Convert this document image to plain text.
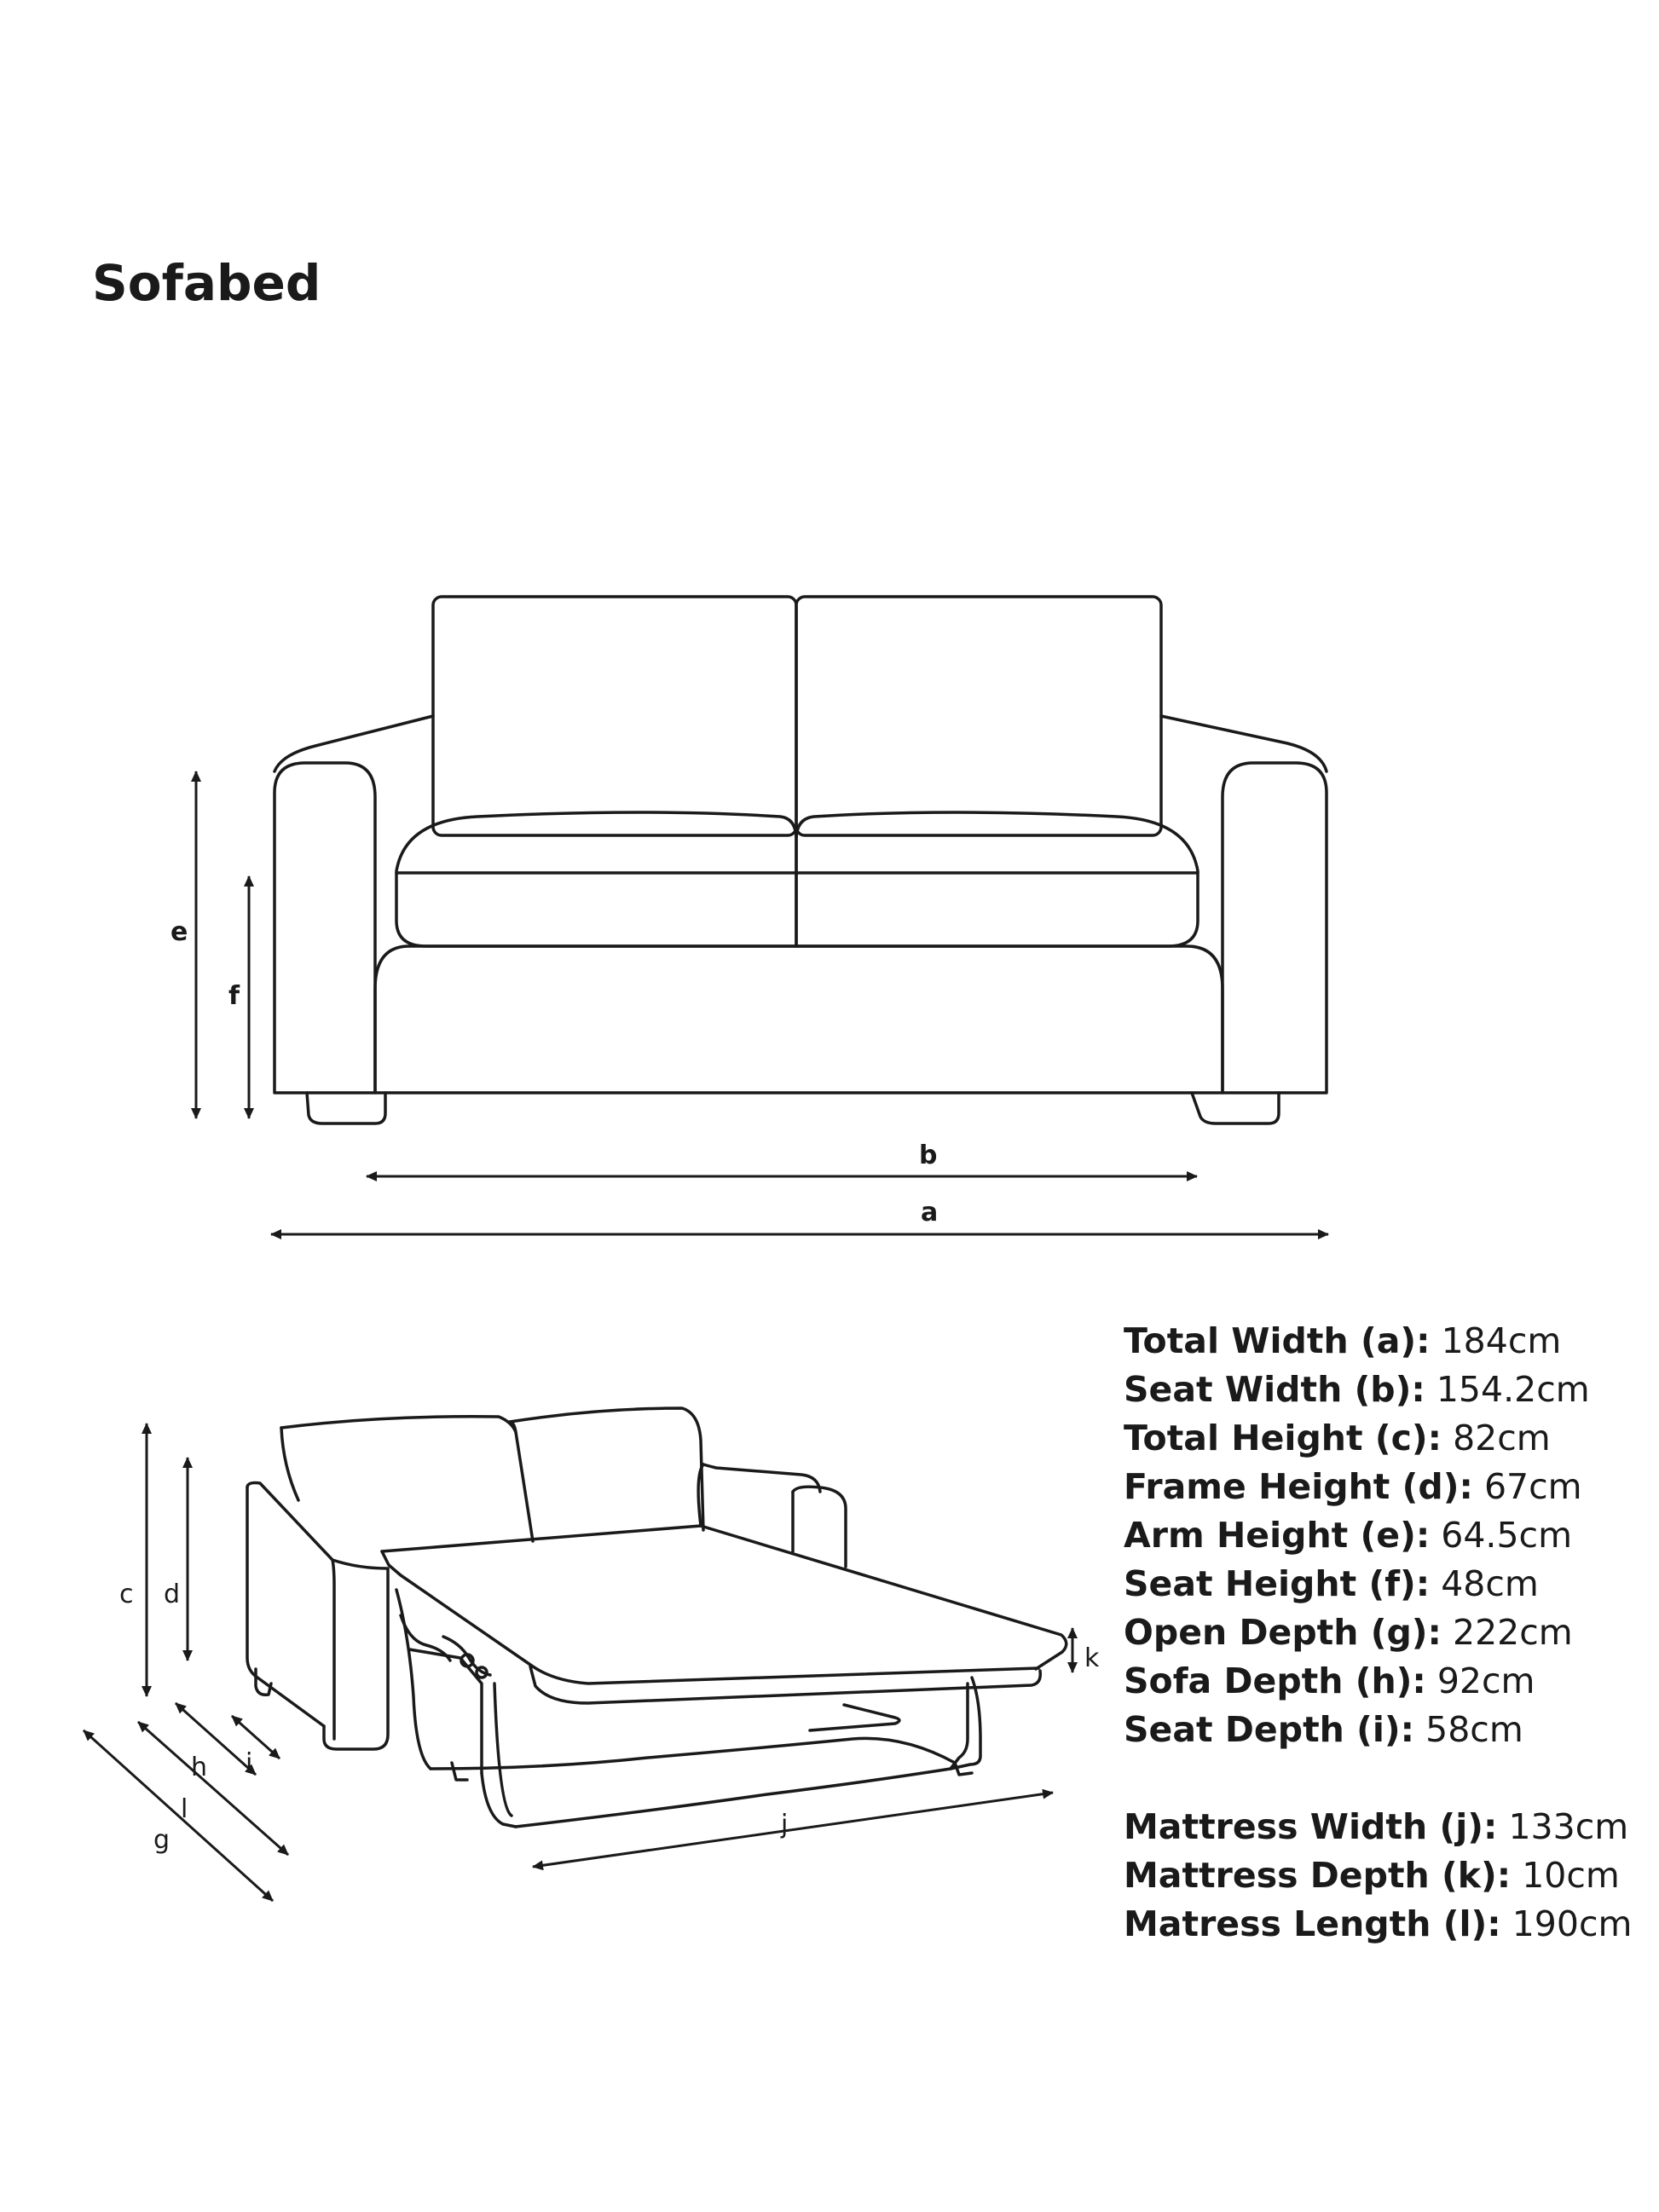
Sofabed
e
f
b
a
c d
g
l
h i
j
k
Total Width (a): 184cm
Seat Width (b): 154.2cm
Total Height (c): 82cm
Frame Height (d): 67cm
Arm Height (e): 64.5cm
Seat Height (f): 48cm
Open Depth (g): 222cm
Sofa Depth (h): 92cm
Seat Depth (i): 58cm
Mattress Width (j): 133cm
Mattress Depth (k): 10cm
Matress Length (l): 190cm
